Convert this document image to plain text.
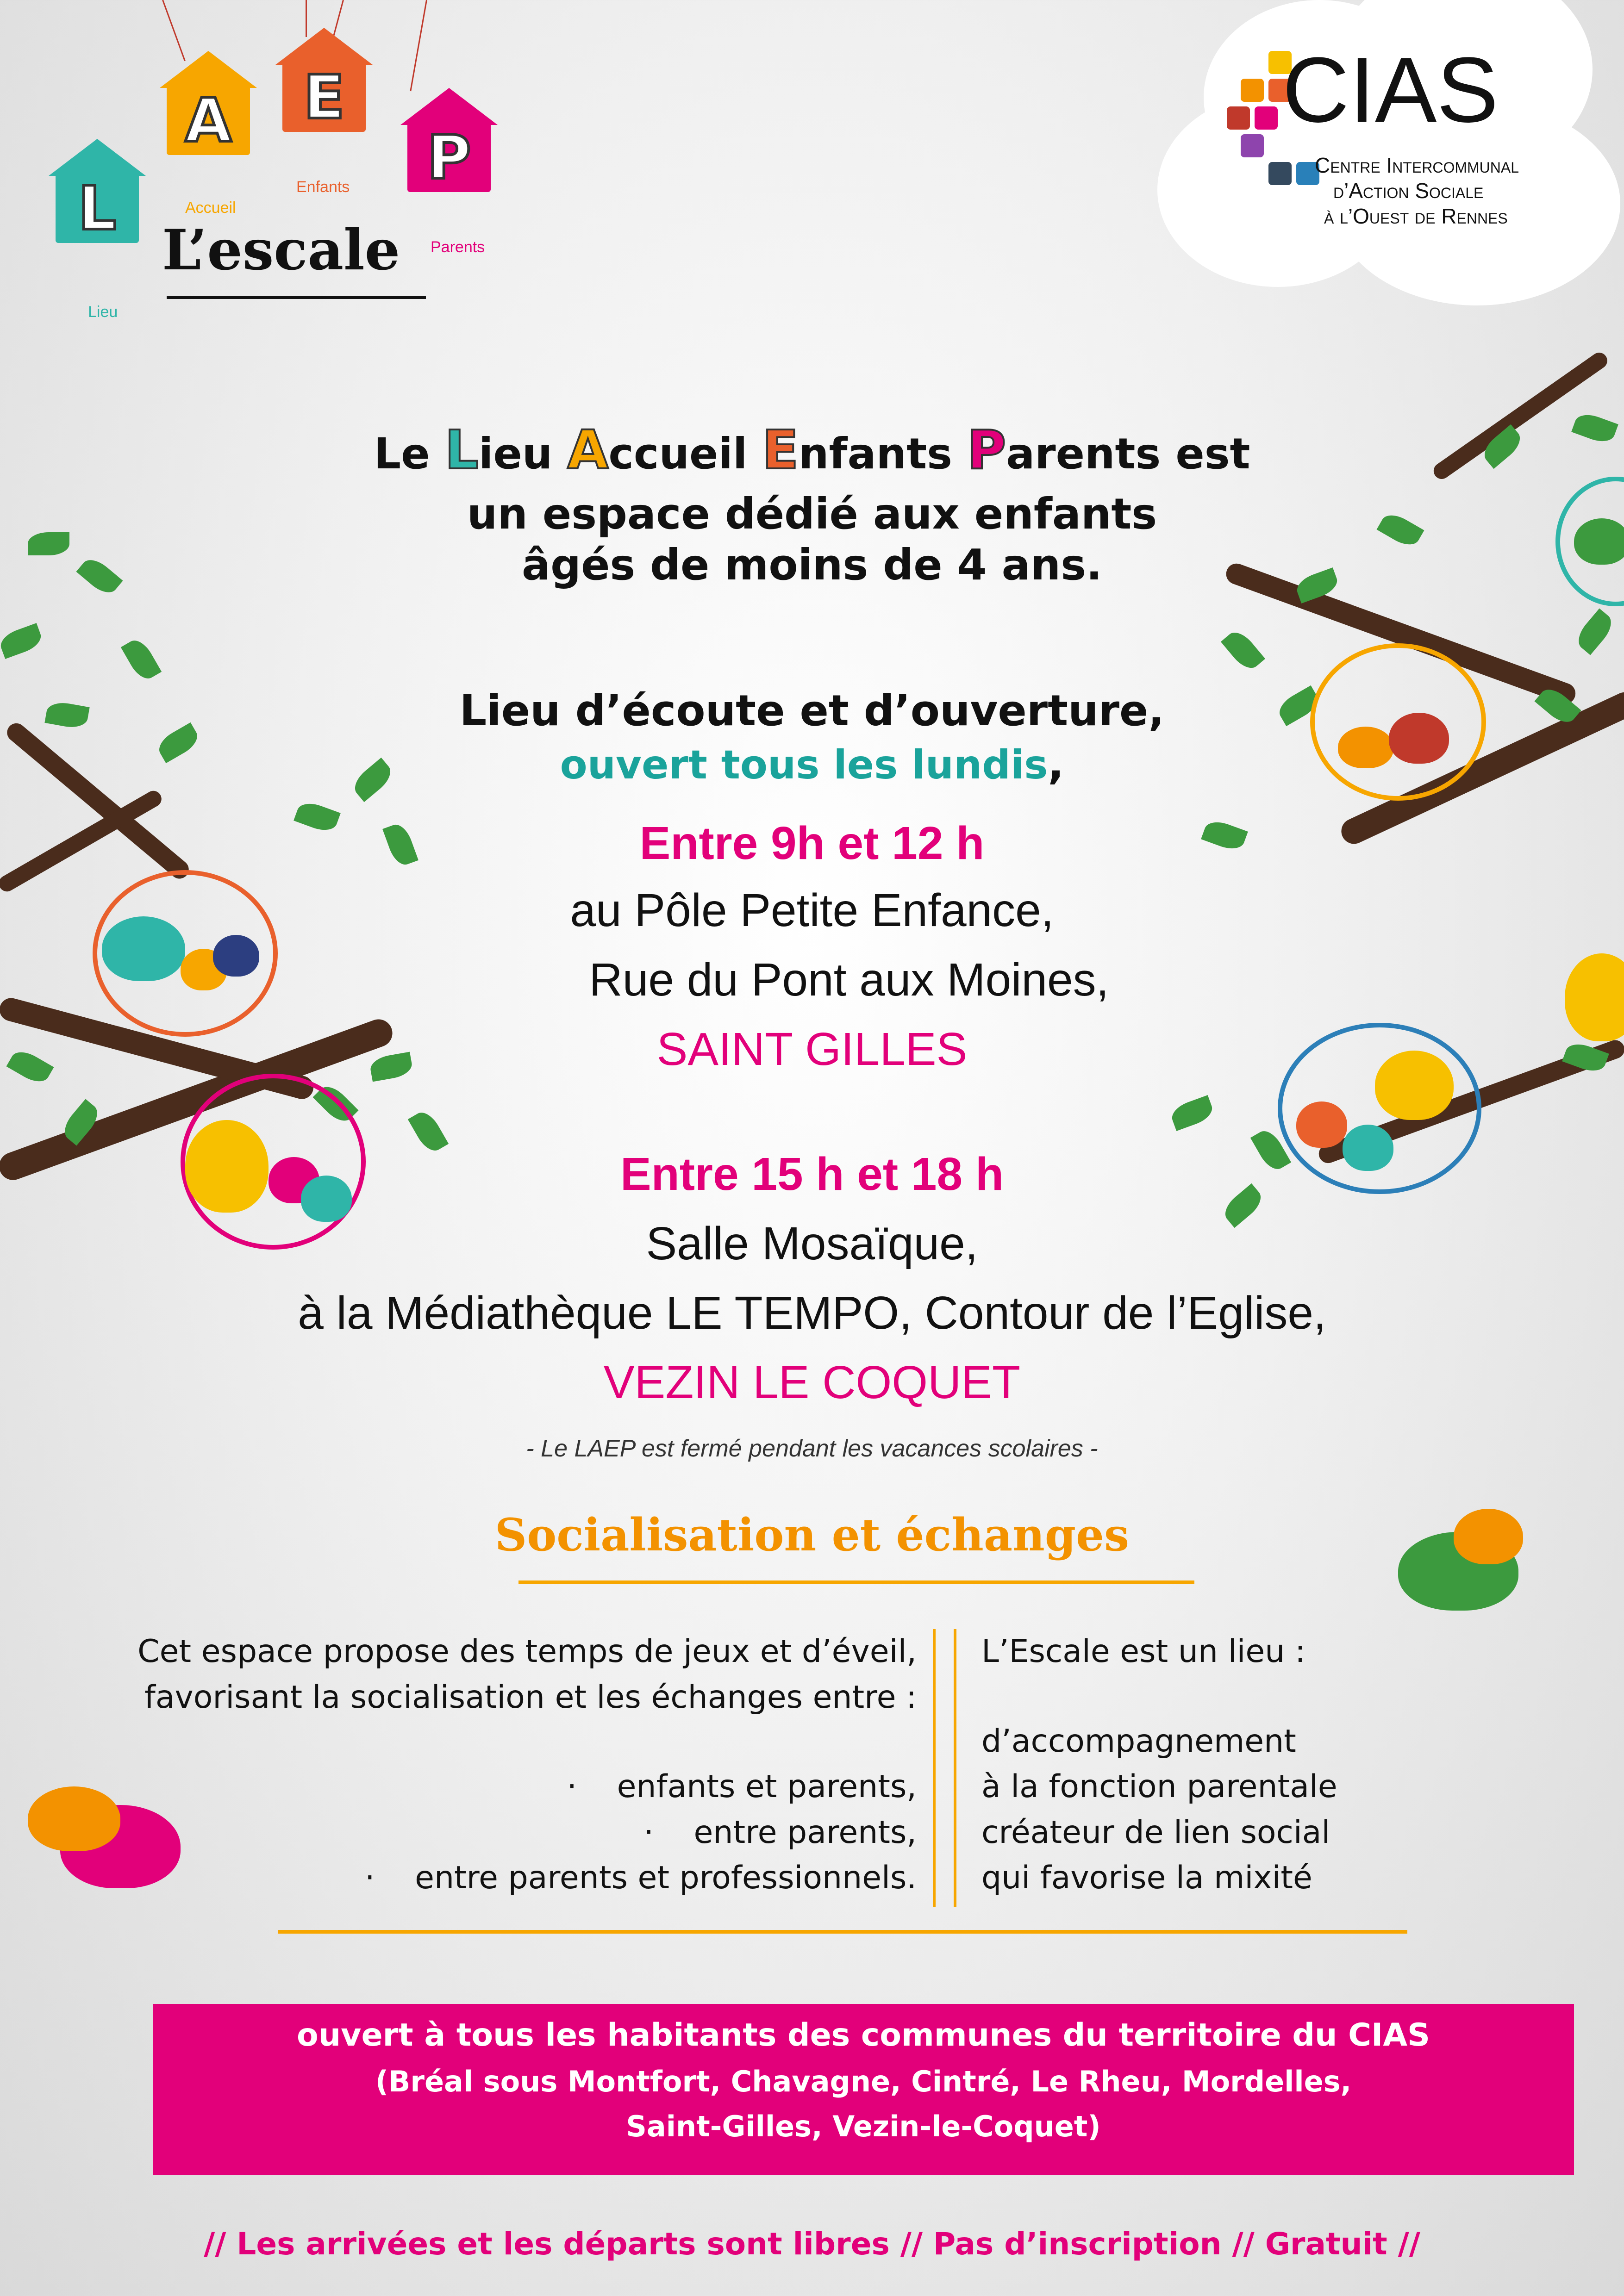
L
A E
P
Lieu
Accueil
Enfants
Parents
L’escale
CIAS
Centre Intercommunal
d’Action Sociale
à l’Ouest de Rennes
Le Lieu Accueil Enfants Parents est
un espace dédié aux enfants
âgés de moins de 4 ans.
Lieu d’écoute et d’ouverture,
ouvert tous les lundis,
Entre 9h et 12 h
au Pôle Petite Enfance,
Rue du Pont aux Moines,
SAINT GILLES
Entre 15 h et 18 h
Salle Mosaïque,
à la Médiathèque LE TEMPO, Contour de l’Eglise,
VEZIN LE COQUET
- Le LAEP est fermé pendant les vacances scolaires -
Socialisation et échanges
Cet espace propose des temps de jeux et d’éveil,
favorisant la socialisation et les échanges entre :
· enfants et parents,
· entre parents,
· entre parents et professionnels.
L’Escale est un lieu :
d’accompagnement
à la fonction parentale
créateur de lien social
qui favorise la mixité
ouvert à tous les habitants des communes du territoire du CIAS
(Bréal sous Montfort, Chavagne, Cintré, Le Rheu, Mordelles,
Saint-Gilles, Vezin-le-Coquet)
// Les arrivées et les départs sont libres // Pas d’inscription // Gratuit //
